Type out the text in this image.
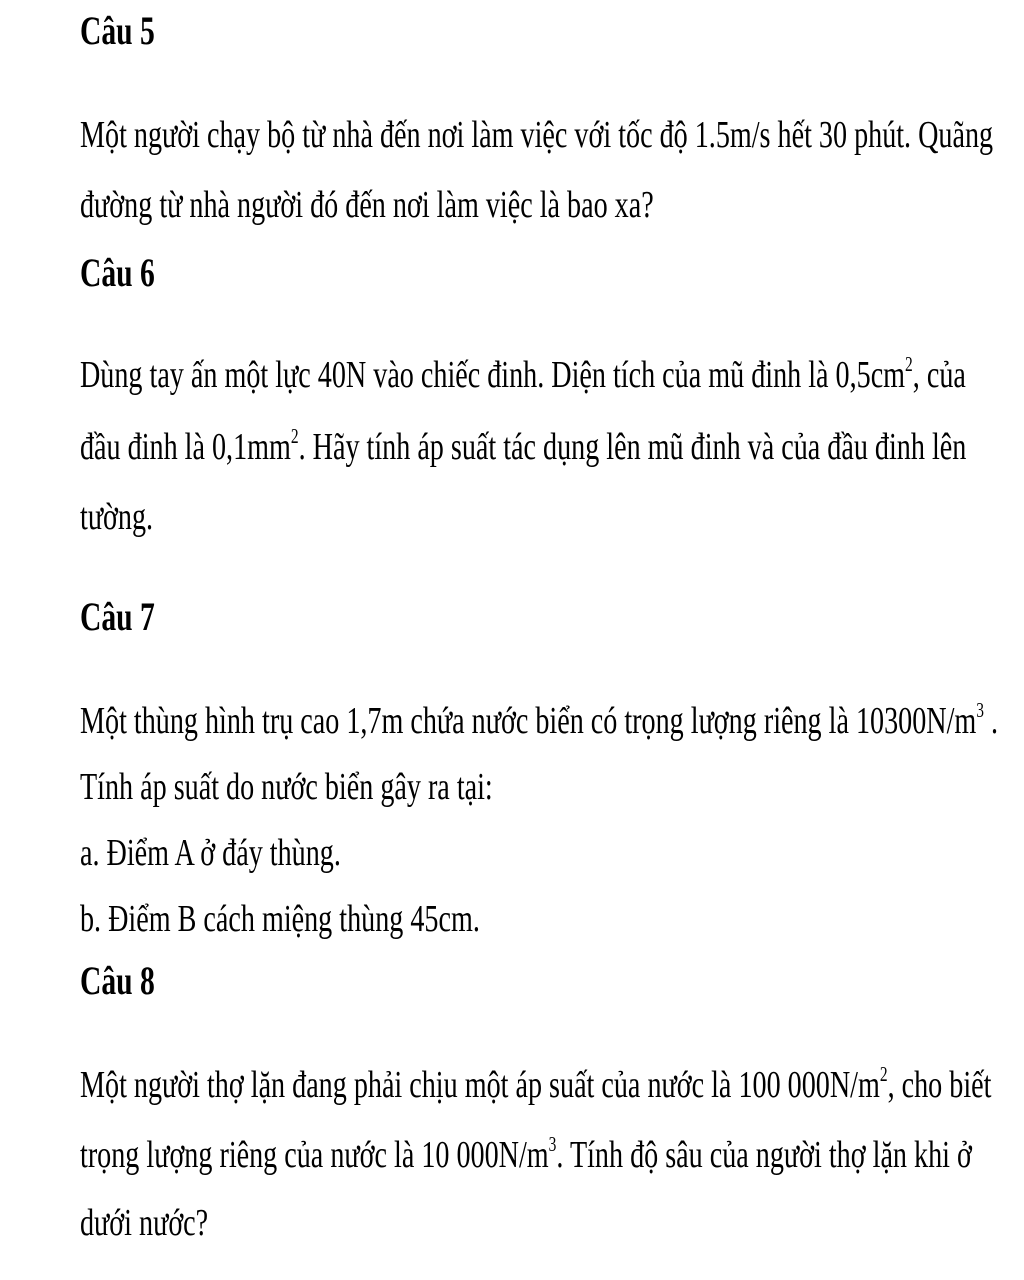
Câu 5
Một người chạy bộ từ nhà đến nơi làm việc với tốc độ 1.5m/s hết 30 phút. Quãng
đường từ nhà người đó đến nơi làm việc là bao xa?
Câu 6
Dùng tay ấn một lực 40N vào chiếc đinh. Diện tích của mũ đinh là $0,5cm^2$, của
đầu đinh là $0,1mm^2$. Hãy tính áp suất tác dụng lên mũ đinh và của đầu đinh lên
tường.
Câu 7
Một thùng hình trụ cao 1,7m chứa nước biển có trọng lượng riêng là $10300N/m^3$ .
Tính áp suất do nước biển gây ra tại:
a. Điểm A ở đáy thùng.
b. Điểm B cách miệng thùng 45cm.
Câu 8
Một người thợ lặn đang phải chịu một áp suất của nước là 100 $000N/m^2$, cho biết
trọng lượng riêng của nước là 10 $000N/m^3$. Tính độ sâu của người thợ lặn khi ở
dưới nước?
